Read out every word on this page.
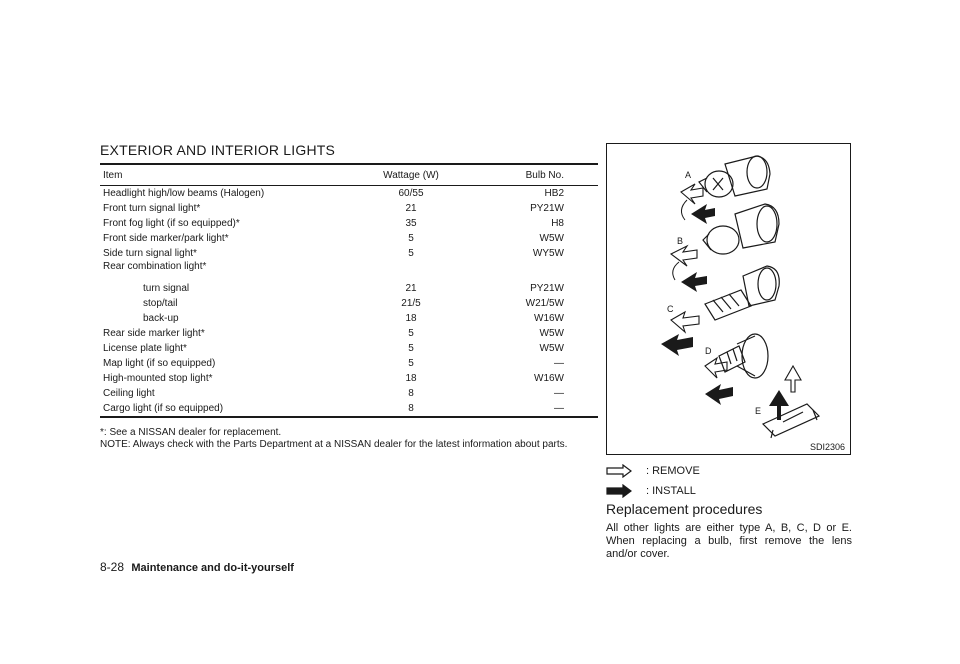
EXTERIOR AND INTERIOR LIGHTS
Item	Wattage (W)	Bulb No.
Headlight high/low beams (Halogen)	60/55	HB2
Front turn signal light*	21	PY21W
Front fog light (if so equipped)*	35	H8
Front side marker/park light*	5	W5W
Side turn signal light*	5	WY5W
Rear combination light*		
turn signal	21	PY21W
stop/tail	21/5	W21/5W
back-up	18	W16W
Rear side marker light*	5	W5W
License plate light*	5	W5W
Map light (if so equipped)	5	—
High-mounted stop light*	18	W16W
Ceiling light	8	—
Cargo light (if so equipped)	8	—

*: See a NISSAN dealer for replacement.

NOTE: Always check with the Parts Department at a NISSAN dealer for the latest information about parts.

A
B
C
D
E
SDI2306
: REMOVE
: INSTALL
Replacement procedures

All other lights are either type A, B, C, D or E. When replacing a bulb, first remove the lens and/or cover.

8-28 Maintenance and do-it-yourself
